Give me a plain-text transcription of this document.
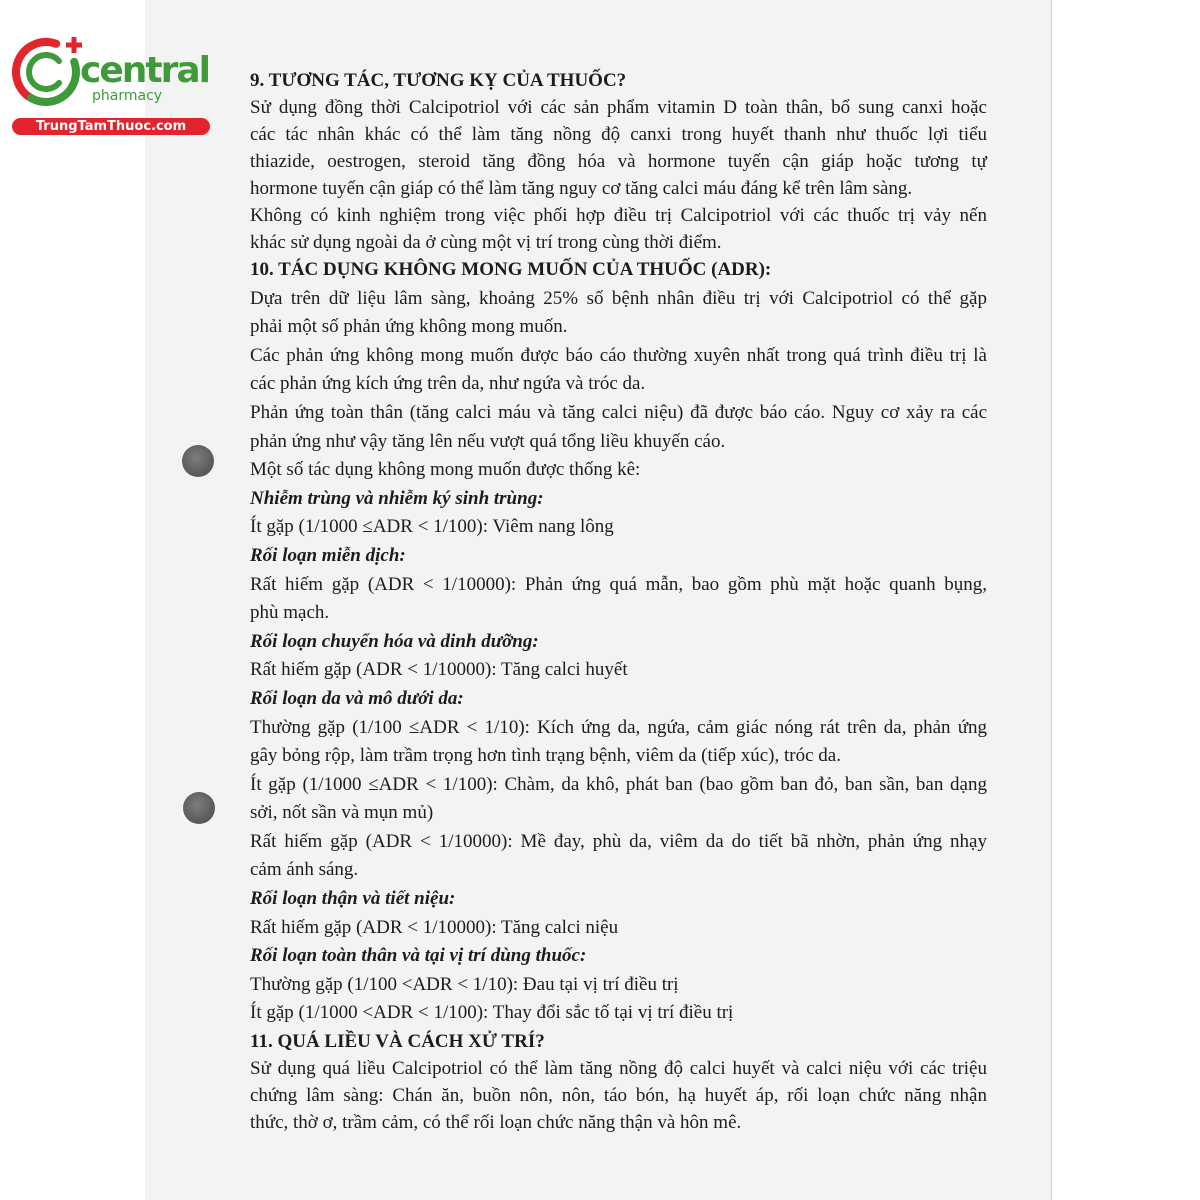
central
pharmacy
TrungTamThuoc.com
9. TƯƠNG TÁC, TƯƠNG KỴ CỦA THUỐC?
Sử dụng đồng thời Calcipotriol với các sản phẩm vitamin D toàn thân, bổ sung canxi hoặc
các tác nhân khác có thể làm tăng nồng độ canxi trong huyết thanh như thuốc lợi tiểu
thiazide, oestrogen, steroid tăng đồng hóa và hormone tuyến cận giáp hoặc tương tự
hormone tuyến cận giáp có thể làm tăng nguy cơ tăng calci máu đáng kể trên lâm sàng.
Không có kinh nghiệm trong việc phối hợp điều trị Calcipotriol với các thuốc trị vảy nến
khác sử dụng ngoài da ở cùng một vị trí trong cùng thời điểm.
10. TÁC DỤNG KHÔNG MONG MUỐN CỦA THUỐC (ADR):
Dựa trên dữ liệu lâm sàng, khoảng 25% số bệnh nhân điều trị với Calcipotriol có thể gặp
phải một số phản ứng không mong muốn.
Các phản ứng không mong muốn được báo cáo thường xuyên nhất trong quá trình điều trị là
các phản ứng kích ứng trên da, như ngứa và tróc da.
Phản ứng toàn thân (tăng calci máu và tăng calci niệu) đã được báo cáo. Nguy cơ xảy ra các
phản ứng như vậy tăng lên nếu vượt quá tổng liều khuyến cáo.
Một số tác dụng không mong muốn được thống kê:
Nhiễm trùng và nhiễm ký sinh trùng:
Ít gặp (1/1000 ≤ADR < 1/100): Viêm nang lông
Rối loạn miễn dịch:
Rất hiếm gặp (ADR < 1/10000): Phản ứng quá mẫn, bao gồm phù mặt hoặc quanh bụng,
phù mạch.
Rối loạn chuyển hóa và dinh dưỡng:
Rất hiếm gặp (ADR < 1/10000): Tăng calci huyết
Rối loạn da và mô dưới da:
Thường gặp (1/100 ≤ADR < 1/10): Kích ứng da, ngứa, cảm giác nóng rát trên da, phản ứng
gây bỏng rộp, làm trầm trọng hơn tình trạng bệnh, viêm da (tiếp xúc), tróc da.
Ít gặp (1/1000 ≤ADR < 1/100): Chàm, da khô, phát ban (bao gồm ban đỏ, ban sần, ban dạng
sởi, nốt sần và mụn mủ)
Rất hiếm gặp (ADR < 1/10000): Mề đay, phù da, viêm da do tiết bã nhờn, phản ứng nhạy
cảm ánh sáng.
Rối loạn thận và tiết niệu:
Rất hiếm gặp (ADR < 1/10000): Tăng calci niệu
Rối loạn toàn thân và tại vị trí dùng thuốc:
Thường gặp (1/100 <ADR < 1/10): Đau tại vị trí điều trị
Ít gặp (1/1000 <ADR < 1/100): Thay đổi sắc tố tại vị trí điều trị
11. QUÁ LIỀU VÀ CÁCH XỬ TRÍ?
Sử dụng quá liều Calcipotriol có thể làm tăng nồng độ calci huyết và calci niệu với các triệu
chứng lâm sàng: Chán ăn, buồn nôn, nôn, táo bón, hạ huyết áp, rối loạn chức năng nhận
thức, thờ ơ, trầm cảm, có thể rối loạn chức năng thận và hôn mê.
